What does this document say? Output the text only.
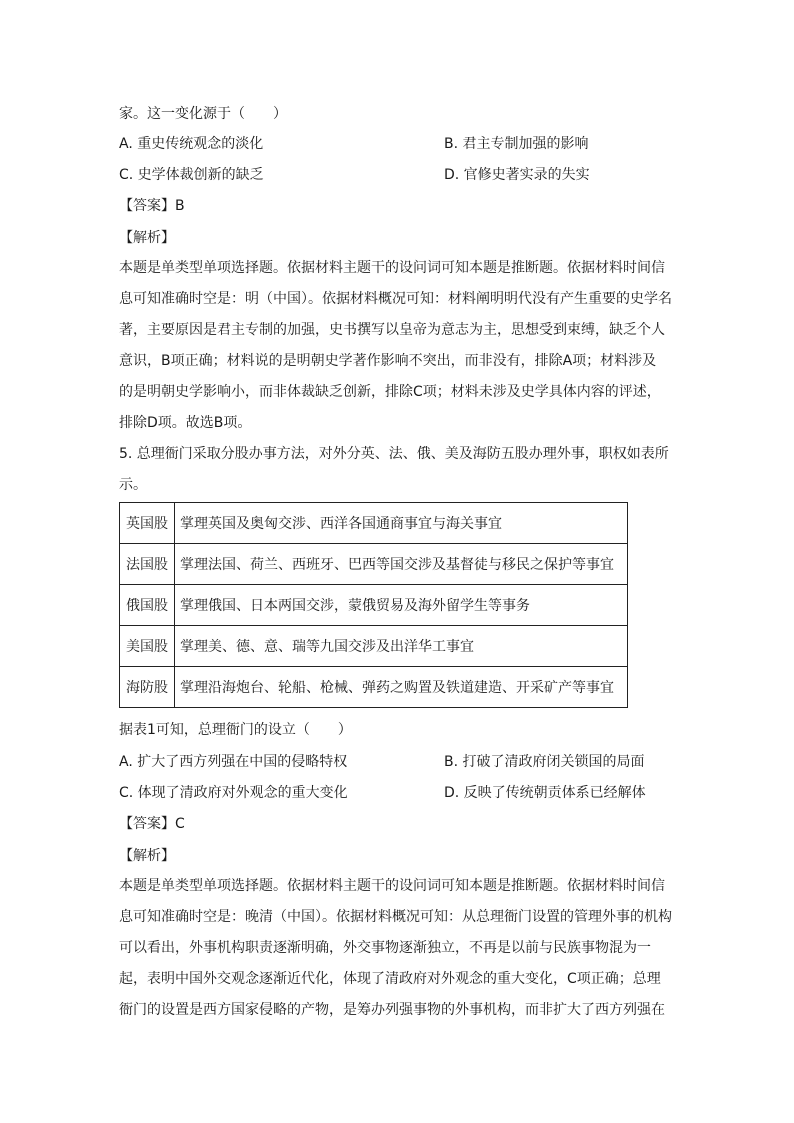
家。这一变化源于（　　）
A. 重史传统观念的淡化	B. 君主专制加强的影响
C. 史学体裁创新的缺乏	D. 官修史著实录的失实
【答案】B
【解析】
本题是单类型单项选择题。依据材料主题干的设问词可知本题是推断题。依据材料时间信
息可知准确时空是：明（中国）。依据材料概况可知：材料阐明明代没有产生重要的史学名
著，主要原因是君主专制的加强，史书撰写以皇帝为意志为主，思想受到束缚，缺乏个人
意识，B项正确；材料说的是明朝史学著作影响不突出，而非没有，排除A项；材料涉及
的是明朝史学影响小，而非体裁缺乏创新，排除C项；材料未涉及史学具体内容的评述，
排除D项。故选B项。
5. 总理衙门采取分股办事方法，对外分英、法、俄、美及海防五股办理外事，职权如表所
示。
英国股	掌理英国及奥匈交涉、西洋各国通商事宜与海关事宜
法国股	掌理法国、荷兰、西班牙、巴西等国交涉及基督徒与移民之保护等事宜
俄国股	掌理俄国、日本两国交涉，蒙俄贸易及海外留学生等事务
美国股	掌理美、德、意、瑞等九国交涉及出洋华工事宜
海防股	掌理沿海炮台、轮船、枪械、弹药之购置及铁道建造、开采矿产等事宜
据表1可知，总理衙门的设立（　　）
A. 扩大了西方列强在中国的侵略特权	B. 打破了清政府闭关锁国的局面
C. 体现了清政府对外观念的重大变化	D. 反映了传统朝贡体系已经解体
【答案】C
【解析】
本题是单类型单项选择题。依据材料主题干的设问词可知本题是推断题。依据材料时间信
息可知准确时空是：晚清（中国）。依据材料概况可知：从总理衙门设置的管理外事的机构
可以看出，外事机构职责逐渐明确，外交事物逐渐独立，不再是以前与民族事物混为一
起，表明中国外交观念逐渐近代化，体现了清政府对外观念的重大变化，C项正确；总理
衙门的设置是西方国家侵略的产物，是筹办列强事物的外事机构，而非扩大了西方列强在
